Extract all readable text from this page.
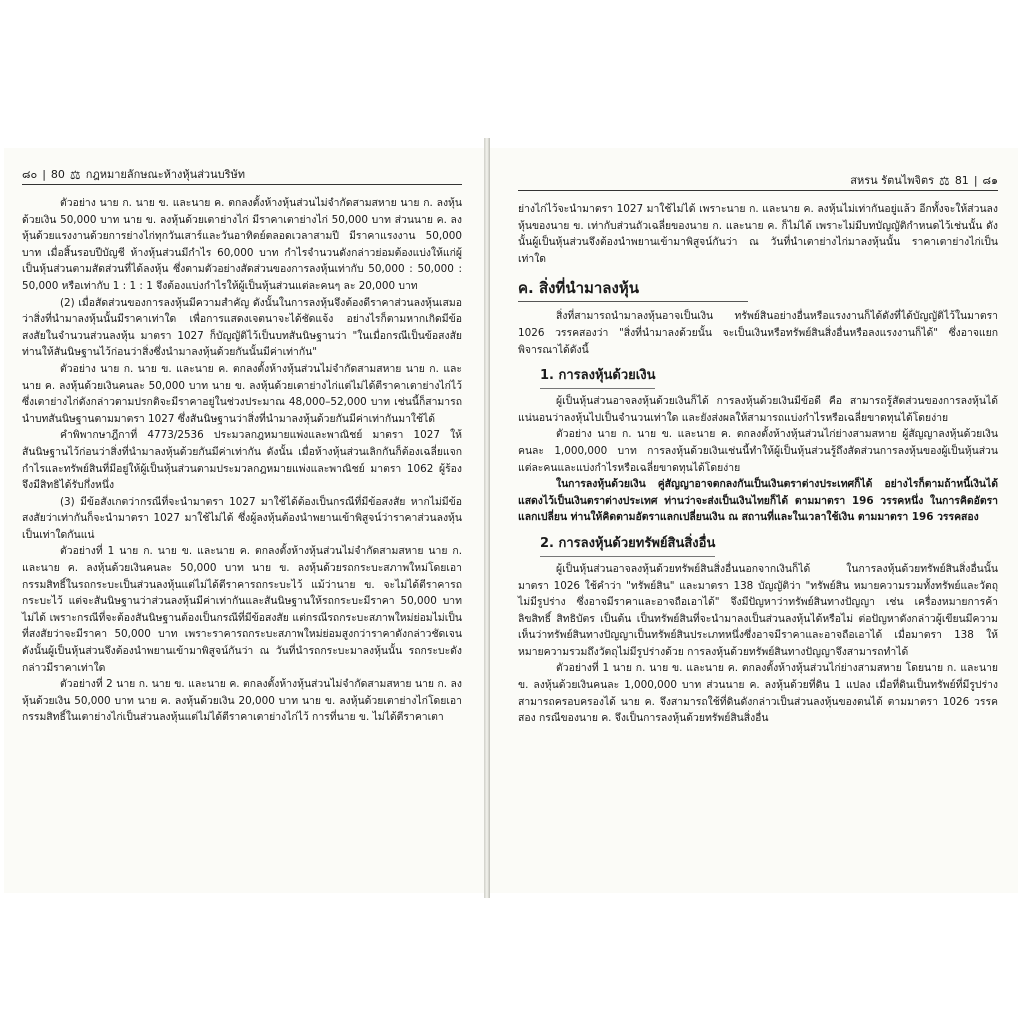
๘๐ | 80 ⚖ กฎหมายลักษณะห้างหุ้นส่วนบริษัท

ตัวอย่าง นาย ก. นาย ข. และนาย ค. ตกลงตั้งห้างหุ้นส่วนไม่จำกัดสามสหาย นาย ก. ลงหุ้นด้วยเงิน 50,000 บาท นาย ข. ลงหุ้นด้วยเตาย่างไก่ มีราคาเตาย่างไก่ 50,000 บาท ส่วนนาย ค. ลงหุ้นด้วยแรงงานด้วยการย่างไก่ทุกวันเสาร์และวันอาทิตย์ตลอดเวลาสามปี มีราคาแรงงาน 50,000 บาท เมื่อสิ้นรอบปีบัญชี ห้างหุ้นส่วนมีกำไร 60,000 บาท กำไรจำนวนดังกล่าวย่อมต้องแบ่งให้แก่ผู้เป็นหุ้นส่วนตามสัดส่วนที่ได้ลงหุ้น ซึ่งตามตัวอย่างสัดส่วนของการลงหุ้นเท่ากับ 50,000 : 50,000 : 50,000 หรือเท่ากับ 1 : 1 : 1 จึงต้องแบ่งกำไรให้ผู้เป็นหุ้นส่วนแต่ละคนๆ ละ 20,000 บาท

(2) เมื่อสัดส่วนของการลงหุ้นมีความสำคัญ ดังนั้นในการลงหุ้นจึงต้องดีราคาส่วนลงหุ้นเสมอว่าสิ่งที่นำมาลงหุ้นนั้นมีราคาเท่าใด เพื่อการแสดงเจตนาจะได้ชัดแจ้ง อย่างไรก็ตามหากเกิดมีข้อสงสัยในจำนวนส่วนลงหุ้น มาตรา 1027 ก็บัญญัติไว้เป็นบทสันนิษฐานว่า "ในเมื่อกรณีเป็นข้อสงสัย ท่านให้สันนิษฐานไว้ก่อนว่าสิ่งซึ่งนำมาลงหุ้นด้วยกันนั้นมีค่าเท่ากัน"

ตัวอย่าง นาย ก. นาย ข. และนาย ค. ตกลงตั้งห้างหุ้นส่วนไม่จำกัดสามสหาย นาย ก. และนาย ค. ลงหุ้นด้วยเงินคนละ 50,000 บาท นาย ข. ลงหุ้นด้วยเตาย่างไก่แต่ไม่ได้ตีราคาเตาย่างไก่ไว้ ซึ่งเตาย่างไก่ดังกล่าวตามปรกติจะมีราคาอยู่ในช่วงประมาณ 48,000–52,000 บาท เช่นนี้ก็สามารถนำบทสันนิษฐานตามมาตรา 1027 ซึ่งสันนิษฐานว่าสิ่งที่นำมาลงหุ้นด้วยกันมีค่าเท่ากันมาใช้ได้

คำพิพากษาฎีกาที่ 4773/2536 ประมวลกฎหมายแพ่งและพาณิชย์ มาตรา 1027 ให้สันนิษฐานไว้ก่อนว่าสิ่งที่นำมาลงหุ้นด้วยกันมีค่าเท่ากัน ดังนั้น เมื่อห้างหุ้นส่วนเลิกกันก็ต้องเฉลี่ยแจกกำไรและทรัพย์สินที่มีอยู่ให้ผู้เป็นหุ้นส่วนตามประมวลกฎหมายแพ่งและพาณิชย์ มาตรา 1062 ผู้ร้องจึงมีสิทธิได้รับกึ่งหนึ่ง

(3) มีข้อสังเกตว่ากรณีที่จะนำมาตรา 1027 มาใช้ได้ต้องเป็นกรณีที่มีข้อสงสัย หากไม่มีข้อสงสัยว่าเท่ากันก็จะนำมาตรา 1027 มาใช้ไม่ได้ ซึ่งผู้ลงหุ้นต้องนำพยานเข้าพิสูจน์ว่าราคาส่วนลงหุ้นเป็นเท่าใดกันแน่

ตัวอย่างที่ 1 นาย ก. นาย ข. และนาย ค. ตกลงตั้งห้างหุ้นส่วนไม่จำกัดสามสหาย นาย ก. และนาย ค. ลงหุ้นด้วยเงินคนละ 50,000 บาท นาย ข. ลงหุ้นด้วยรถกระบะสภาพใหม่โดยเอากรรมสิทธิ์ในรถกระบะเป็นส่วนลงหุ้นแต่ไม่ได้ตีราคารถกระบะไว้ แม้ว่านาย ข. จะไม่ได้ตีราคารถกระบะไว้ แต่จะสันนิษฐานว่าส่วนลงหุ้นมีค่าเท่ากันและสันนิษฐานให้รถกระบะมีราคา 50,000 บาทไม่ได้ เพราะกรณีที่จะต้องสันนิษฐานต้องเป็นกรณีที่มีข้อสงสัย แต่กรณีรถกระบะสภาพใหม่ย่อมไม่เป็นที่สงสัยว่าจะมีราคา 50,000 บาท เพราะราคารถกระบะสภาพใหม่ย่อมสูงกว่าราคาดังกล่าวชัดเจน ดังนั้นผู้เป็นหุ้นส่วนจึงต้องนำพยานเข้ามาพิสูจน์กันว่า ณ วันที่นำรถกระบะมาลงหุ้นนั้น รถกระบะดังกล่าวมีราคาเท่าใด

ตัวอย่างที่ 2 นาย ก. นาย ข. และนาย ค. ตกลงตั้งห้างหุ้นส่วนไม่จำกัดสามสหาย นาย ก. ลงหุ้นด้วยเงิน 50,000 บาท นาย ค. ลงหุ้นด้วยเงิน 20,000 บาท นาย ข. ลงหุ้นด้วยเตาย่างไก่โดยเอากรรมสิทธิ์ในเตาย่างไก่เป็นส่วนลงหุ้นแต่ไม่ได้ตีราคาเตาย่างไก่ไว้ การที่นาย ข. ไม่ได้ตีราคาเตา

สหรน รัตนไพจิตร ⚖ 81 | ๘๑

ย่างไก่ไว้จะนำมาตรา 1027 มาใช้ไม่ได้ เพราะนาย ก. และนาย ค. ลงหุ้นไม่เท่ากันอยู่แล้ว อีกทั้งจะให้ส่วนลงหุ้นของนาย ข. เท่ากับส่วนถัวเฉลี่ยของนาย ก. และนาย ค. ก็ไม่ได้ เพราะไม่มีบทบัญญัติกำหนดไว้เช่นนั้น ดังนั้นผู้เป็นหุ้นส่วนจึงต้องนำพยานเข้ามาพิสูจน์กันว่า ณ วันที่นำเตาย่างไก่มาลงหุ้นนั้น ราคาเตาย่างไก่เป็นเท่าใด

ค. สิ่งที่นำมาลงหุ้น

สิ่งที่สามารถนำมาลงหุ้นอาจเป็นเงิน ทรัพย์สินอย่างอื่นหรือแรงงานก็ได้ดังที่ได้บัญญัติไว้ในมาตรา 1026 วรรคสองว่า "สิ่งที่นำมาลงด้วยนั้น จะเป็นเงินหรือทรัพย์สินสิ่งอื่นหรือลงแรงงานก็ได้" ซึ่งอาจแยกพิจารณาได้ดังนี้

1. การลงหุ้นด้วยเงิน

ผู้เป็นหุ้นส่วนอาจลงหุ้นด้วยเงินก็ได้ การลงหุ้นด้วยเงินมีข้อดี คือ สามารถรู้สัดส่วนของการลงหุ้นได้แน่นอนว่าลงหุ้นไปเป็นจำนวนเท่าใด และยังส่งผลให้สามารถแบ่งกำไรหรือเฉลี่ยขาดทุนได้โดยง่าย

ตัวอย่าง นาย ก. นาย ข. และนาย ค. ตกลงตั้งห้างหุ้นส่วนไก่ย่างสามสหาย ผู้สัญญาลงหุ้นด้วยเงินคนละ 1,000,000 บาท การลงหุ้นด้วยเงินเช่นนี้ทำให้ผู้เป็นหุ้นส่วนรู้ถึงสัดส่วนการลงหุ้นของผู้เป็นหุ้นส่วนแต่ละคนและแบ่งกำไรหรือเฉลี่ยขาดทุนได้โดยง่าย

ในการลงหุ้นด้วยเงิน คู่สัญญาอาจตกลงกันเป็นเงินตราต่างประเทศก็ได้ อย่างไรก็ตามถ้าหนี้เงินได้แสดงไว้เป็นเงินตราต่างประเทศ ท่านว่าจะส่งเป็นเงินไทยก็ได้ ตามมาตรา 196 วรรคหนึ่ง ในการคิดอัตราแลกเปลี่ยน ท่านให้คิดตามอัตราแลกเปลี่ยนเงิน ณ สถานที่และในเวลาใช้เงิน ตามมาตรา 196 วรรคสอง

2. การลงหุ้นด้วยทรัพย์สินสิ่งอื่น

ผู้เป็นหุ้นส่วนอาจลงหุ้นด้วยทรัพย์สินสิ่งอื่นนอกจากเงินก็ได้ ในการลงหุ้นด้วยทรัพย์สินสิ่งอื่นนั้น มาตรา 1026 ใช้คำว่า "ทรัพย์สิน" และมาตรา 138 บัญญัติว่า "ทรัพย์สิน หมายความรวมทั้งทรัพย์และวัตถุไม่มีรูปร่าง ซึ่งอาจมีราคาและอาจถือเอาได้" จึงมีปัญหาว่าทรัพย์สินทางปัญญา เช่น เครื่องหมายการค้า ลิขสิทธิ์ สิทธิบัตร เป็นต้น เป็นทรัพย์สินที่จะนำมาลงเป็นส่วนลงหุ้นได้หรือไม่ ต่อปัญหาดังกล่าวผู้เขียนมีความเห็นว่าทรัพย์สินทางปัญญาเป็นทรัพย์สินประเภทหนึ่งซึ่งอาจมีราคาและอาจถือเอาได้ เมื่อมาตรา 138 ให้หมายความรวมถึงวัตถุไม่มีรูปร่างด้วย การลงหุ้นด้วยทรัพย์สินทางปัญญาจึงสามารถทำได้

ตัวอย่างที่ 1 นาย ก. นาย ข. และนาย ค. ตกลงตั้งห้างหุ้นส่วนไก่ย่างสามสหาย โดยนาย ก. และนาย ข. ลงหุ้นด้วยเงินคนละ 1,000,000 บาท ส่วนนาย ค. ลงหุ้นด้วยที่ดิน 1 แปลง เมื่อที่ดินเป็นทรัพย์ที่มีรูปร่าง สามารถครอบครองได้ นาย ค. จึงสามารถใช้ที่ดินดังกล่าวเป็นส่วนลงหุ้นของตนได้ ตามมาตรา 1026 วรรคสอง กรณีของนาย ค. จึงเป็นการลงหุ้นด้วยทรัพย์สินสิ่งอื่น
